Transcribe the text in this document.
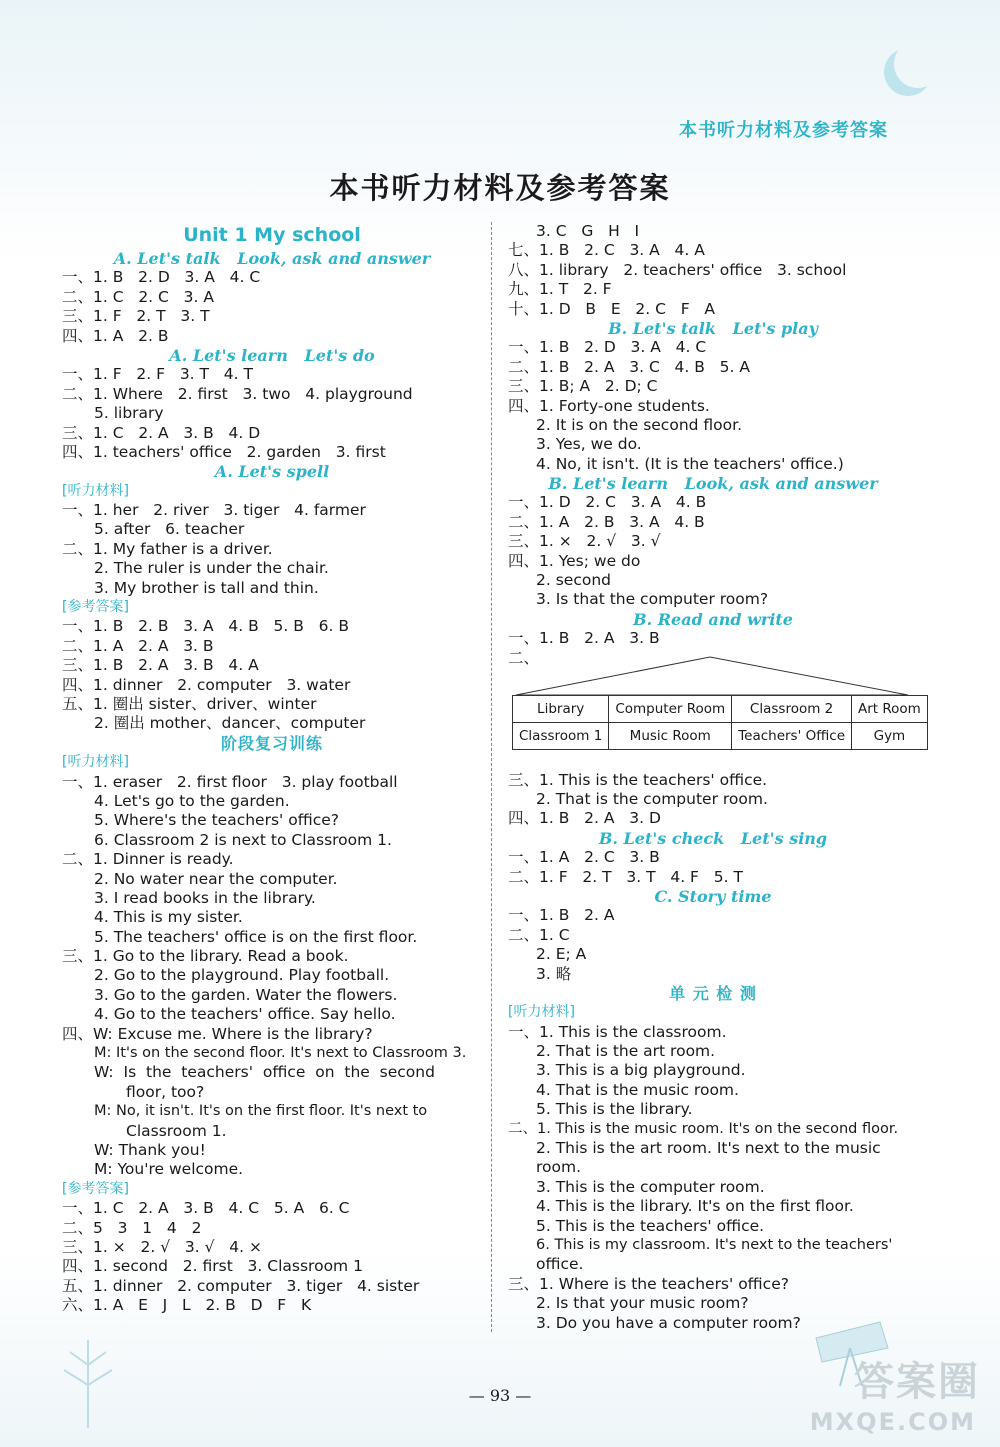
本书听力材料及参考答案
本书听力材料及参考答案
Unit 1 My school
A. Let's talk   Look, ask and answer
一、1. B   2. D   3. A   4. C
二、1. C   2. C   3. A
三、1. F   2. T   3. T
四、1. A   2. B
A. Let's learn   Let's do
一、1. F   2. F   3. T   4. T
二、1. Where   2. first   3. two   4. playground
5. library
三、1. C   2. A   3. B   4. D
四、1. teachers' office   2. garden   3. first
A. Let's spell
[听力材料]
一、1. her   2. river   3. tiger   4. farmer
5. after   6. teacher
二、1. My father is a driver.
2. The ruler is under the chair.
3. My brother is tall and thin.
[参考答案]
一、1. B   2. B   3. A   4. B   5. B   6. B
二、1. A   2. A   3. B
三、1. B   2. A   3. B   4. A
四、1. dinner   2. computer   3. water
五、1. 圈出 sister、driver、winter
2. 圈出 mother、dancer、computer
阶段复习训练
[听力材料]
一、1. eraser   2. first floor   3. play football
4. Let's go to the garden.
5. Where's the teachers' office?
6. Classroom 2 is next to Classroom 1.
二、1. Dinner is ready.
2. No water near the computer.
3. I read books in the library.
4. This is my sister.
5. The teachers' office is on the first floor.
三、1. Go to the library. Read a book.
2. Go to the playground. Play football.
3. Go to the garden. Water the flowers.
4. Go to the teachers' office. Say hello.
四、W: Excuse me. Where is the library?
M: It's on the second floor. It's next to Classroom 3.
W:  Is  the  teachers'  office  on  the  second
floor, too?
M: No, it isn't. It's on the first floor. It's next to
Classroom 1.
W: Thank you!
M: You're welcome.
[参考答案]
一、1. C   2. A   3. B   4. C   5. A   6. C
二、5   3   1   4   2
三、1. ×   2. √   3. √   4. ×
四、1. second   2. first   3. Classroom 1
五、1. dinner   2. computer   3. tiger   4. sister
六、1. A   E   J   L   2. B   D   F   K
3. C   G   H   I
七、1. B   2. C   3. A   4. A
八、1. library   2. teachers' office   3. school
九、1. T   2. F
十、1. D   B   E   2. C   F   A
B. Let's talk   Let's play
一、1. B   2. D   3. A   4. C
二、1. B   2. A   3. C   4. B   5. A
三、1. B; A   2. D; C
四、1. Forty-one students.
2. It is on the second floor.
3. Yes, we do.
4. No, it isn't. (It is the teachers' office.)
B. Let's learn   Look, ask and answer
一、1. D   2. C   3. A   4. B
二、1. A   2. B   3. A   4. B
三、1. ×   2. √   3. √
四、1. Yes; we do
2. second
3. Is that the computer room?
B. Read and write
一、1. B   2. A   3. B
二、
Library	Computer Room	Classroom 2	Art Room
Classroom 1	Music Room	Teachers' Office	Gym
三、1. This is the teachers' office.
2. That is the computer room.
四、1. B   2. A   3. D
B. Let's check   Let's sing
一、1. A   2. C   3. B
二、1. F   2. T   3. T   4. F   5. T
C. Story time
一、1. B   2. A
二、1. C
2. E; A
3. 略
单 元 检 测
[听力材料]
一、1. This is the classroom.
2. That is the art room.
3. This is a big playground.
4. That is the music room.
5. This is the library.
二、1. This is the music room. It's on the second floor.
2. This is the art room. It's next to the music
room.
3. This is the computer room.
4. This is the library. It's on the first floor.
5. This is the teachers' office.
6. This is my classroom. It's next to the teachers'
office.
三、1. Where is the teachers' office?
2. Is that your music room?
3. Do you have a computer room?
— 93 —	答案圈
MXQE.COM
